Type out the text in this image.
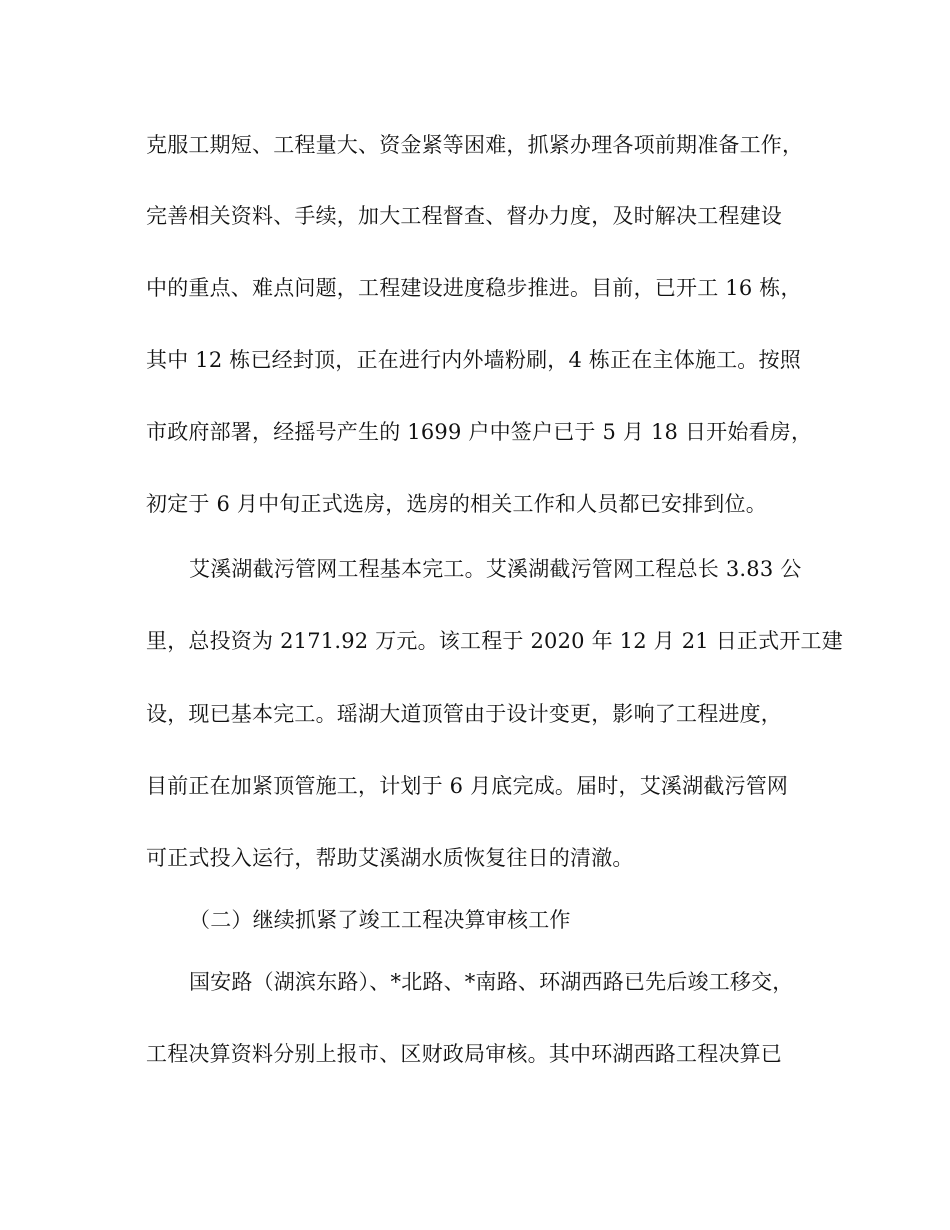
克服工期短、工程量大、资金紧等困难，抓紧办理各项前期准备工作，
完善相关资料、手续，加大工程督查、督办力度，及时解决工程建设
中的重点、难点问题，工程建设进度稳步推进。目前，已开工 16 栋，
其中 12 栋已经封顶，正在进行内外墙粉刷，4 栋正在主体施工。按照
市政府部署，经摇号产生的 1699 户中签户已于 5 月 18 日开始看房，
初定于 6 月中旬正式选房，选房的相关工作和人员都已安排到位。
艾溪湖截污管网工程基本完工。艾溪湖截污管网工程总长 3.83 公
里，总投资为 2171.92 万元。该工程于 2020 年 12 月 21 日正式开工建
设，现已基本完工。瑶湖大道顶管由于设计变更，影响了工程进度，
目前正在加紧顶管施工，计划于 6 月底完成。届时，艾溪湖截污管网
可正式投入运行，帮助艾溪湖水质恢复往日的清澈。
（二）继续抓紧了竣工工程决算审核工作
国安路（湖滨东路）、*北路、*南路、环湖西路已先后竣工移交，
工程决算资料分别上报市、区财政局审核。其中环湖西路工程决算已
